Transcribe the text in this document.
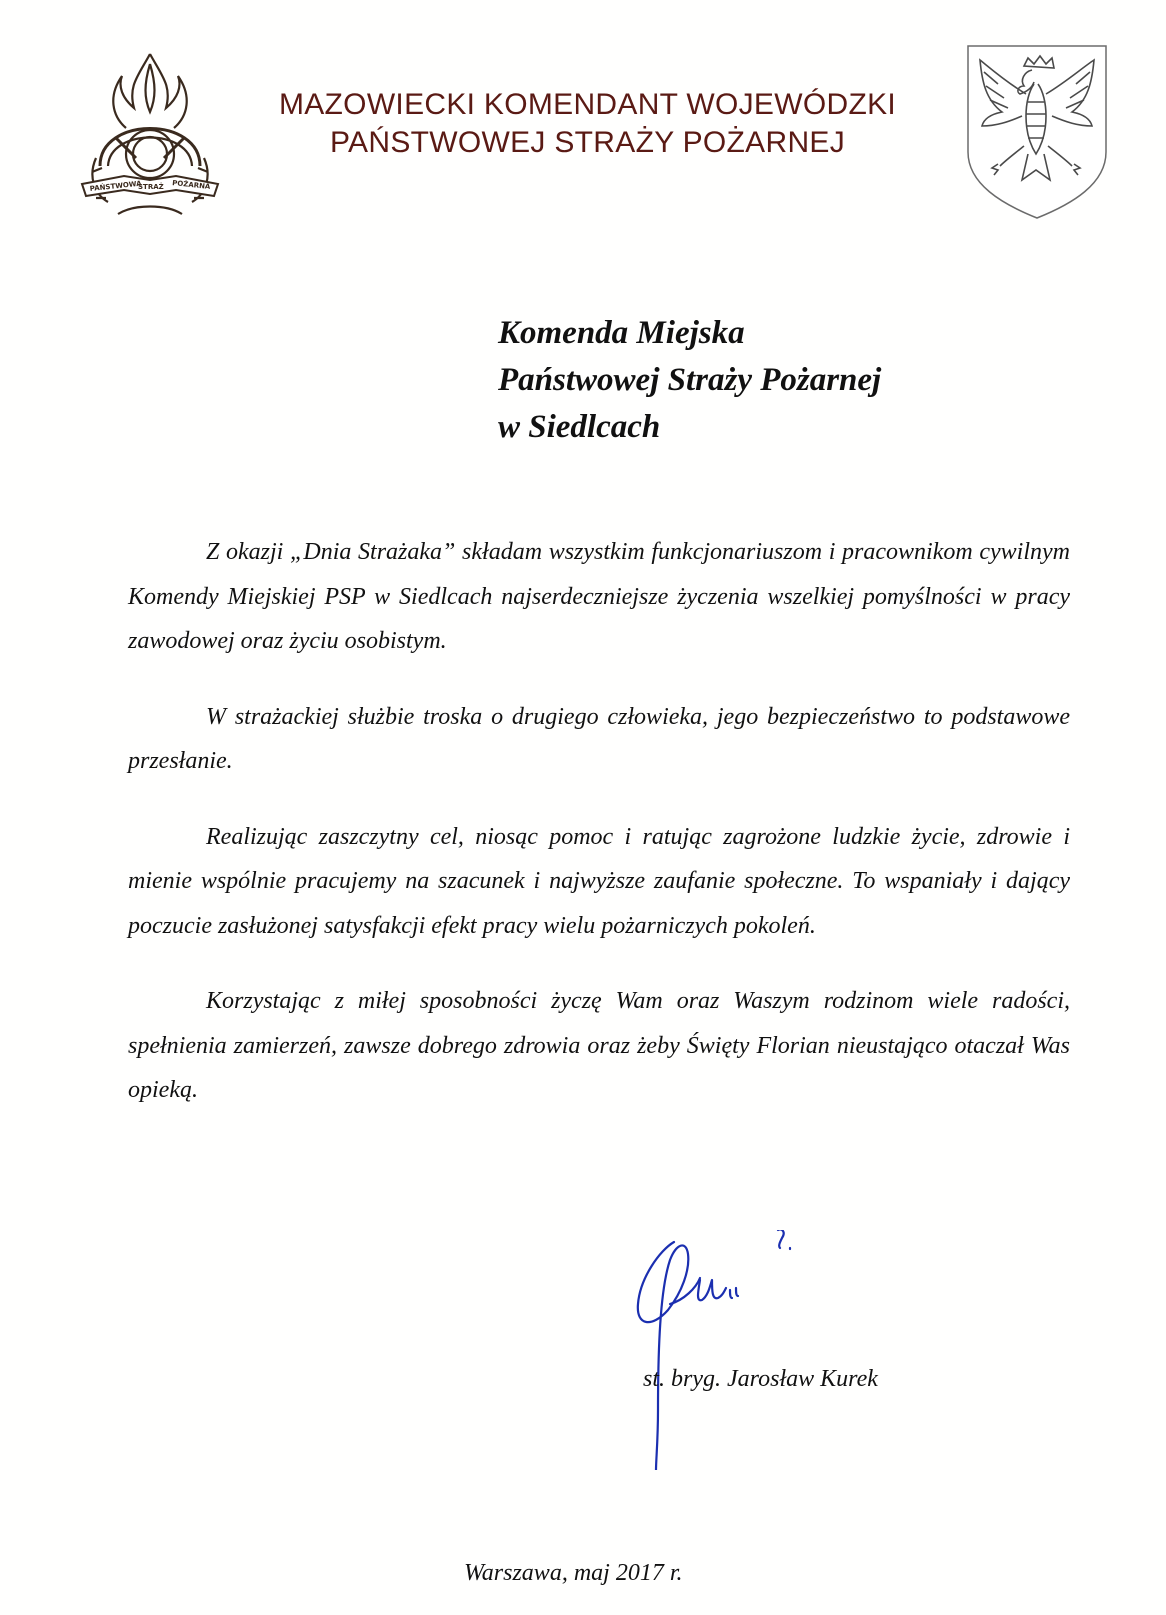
PAŃSTWOWA
STRAŻ POŻARNA
MAZOWIECKI KOMENDANT WOJEWÓDZKI
PAŃSTWOWEJ STRAŻY POŻARNEJ
Komenda Miejska
Państwowej Straży Pożarnej
w Siedlcach

Z okazji „Dnia Strażaka” składam wszystkim funkcjonariuszom i pracownikom cywilnym Komendy Miejskiej PSP w Siedlcach najserdeczniejsze życzenia wszelkiej pomyślności w pracy zawodowej oraz życiu osobistym.

W strażackiej służbie troska o drugiego człowieka, jego bezpieczeństwo to podstawowe przesłanie.

Realizując zaszczytny cel, niosąc pomoc i ratując zagrożone ludzkie życie, zdrowie i mienie wspólnie pracujemy na szacunek i najwyższe zaufanie społeczne. To wspaniały i dający poczucie zasłużonej satysfakcji efekt pracy wielu pożarniczych pokoleń.

Korzystając z miłej sposobności życzę Wam oraz Waszym rodzinom wiele radości, spełnienia zamierzeń, zawsze dobrego zdrowia oraz żeby Święty Florian nieustająco otaczał Was opieką.

st. bryg. Jarosław Kurek
Warszawa, maj 2017 r.
